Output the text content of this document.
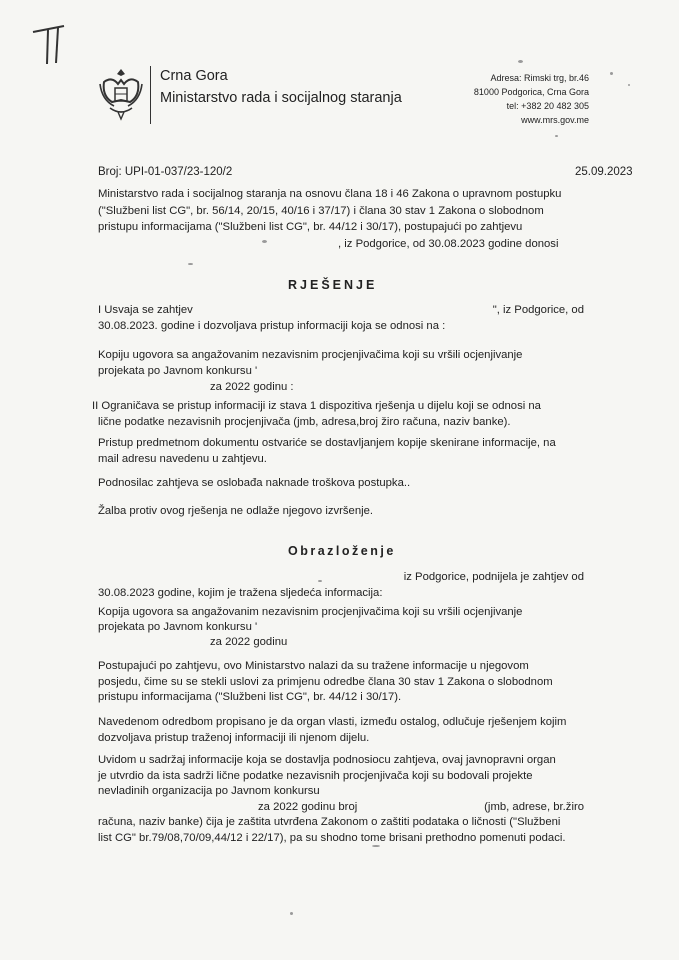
Crna Gora
Ministarstvo rada i socijalnog staranja
Adresa: Rimski trg, br.46
81000 Podgorica, Crna Gora
tel: +382 20 482 305
www.mrs.gov.me
Broj: UPI-01-037/23-120/2	25.09.2023
Ministarstvo rada i socijalnog staranja na osnovu člana 18 i 46 Zakona o upravnom postupku
("Službeni list CG", br. 56/14, 20/15, 40/16 i 37/17) i člana 30 stav 1 Zakona o slobodnom
pristupu informacijama ("Službeni list CG", br. 44/12 i 30/17), postupajući po zahtjevu
, iz Podgorice, od 30.08.2023 godine donosi
RJEŠENJE
I Usvaja se zahtjev	", iz Podgorice, od
30.08.2023. godine i dozvoljava pristup informaciji koja se odnosi na :
Kopiju ugovora sa angažovanim nezavisnim procjenjivačima koji su vršili ocjenjivanje
projekata po Javnom konkursu '
za 2022 godinu :
II Ograničava se pristup informaciji iz stava 1 dispozitiva rješenja u dijelu koji se odnosi na
lične podatke nezavisnih procjenjivača (jmb, adresa,broj žiro računa, naziv banke).
Pristup predmetnom dokumentu ostvariće se dostavljanjem kopije skenirane informacije, na
mail adresu navedenu u zahtjevu.
Podnosilac zahtjeva se oslobađa naknade troškova postupka..
Žalba protiv ovog rješenja ne odlaže njegovo izvršenje.
Obrazloženje
iz Podgorice, podnijela je zahtjev od
30.08.2023 godine, kojim je tražena sljedeća informacija:
Kopija ugovora sa angažovanim nezavisnim procjenjivačima koji su vršili ocjenjivanje
projekata po Javnom konkursu '
za 2022 godinu
Postupajući po zahtjevu, ovo Ministarstvo nalazi da su tražene informacije u njegovom
posjedu, čime su se stekli uslovi za primjenu odredbe člana 30 stav 1 Zakona o slobodnom
pristupu informacijama ("Službeni list CG", br. 44/12 i 30/17).
Navedenom odredbom propisano je da organ vlasti, između ostalog, odlučuje rješenjem kojim
dozvoljava pristup traženoj informaciji ili njenom dijelu.
Uvidom u sadržaj informacije koja se dostavlja podnosiocu zahtjeva, ovaj javnopravni organ
je utvrdio da ista sadrži lične podatke nezavisnih procjenjivača koji su bodovali projekte
nevladinih organizacija po Javnom konkursu
za 2022 godinu broj	(jmb, adrese, br.žiro
računa, naziv banke) čija je zaštita utvrđena Zakonom o zaštiti podataka o ličnosti ("Službeni
list CG" br.79/08,70/09,44/12 i 22/17), pa su shodno tome brisani prethodno pomenuti podaci.
